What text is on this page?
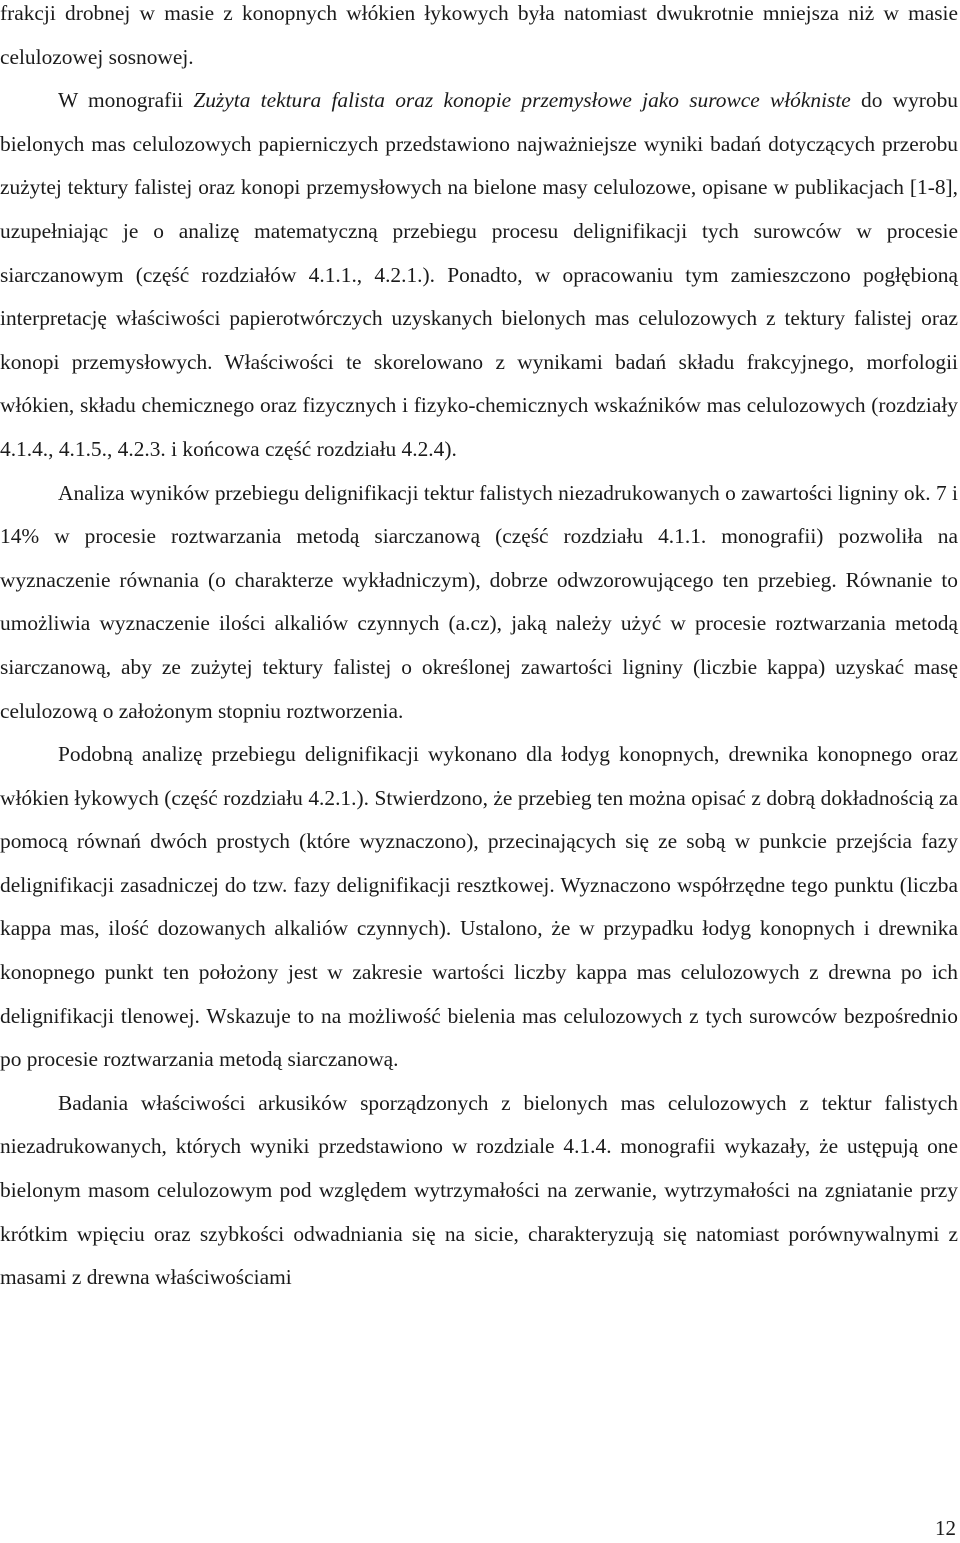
frakcji drobnej w masie z konopnych włókien łykowych była natomiast dwukrotnie mniejsza niż w masie celulozowej sosnowej.

W monografii Zużyta tektura falista oraz konopie przemysłowe jako surowce włókniste do wyrobu bielonych mas celulozowych papierniczych przedstawiono najważniejsze wyniki badań dotyczących przerobu zużytej tektury falistej oraz konopi przemysłowych na bielone masy celulozowe, opisane w publikacjach [1-8], uzupełniając je o analizę matematyczną przebiegu procesu delignifikacji tych surowców w procesie siarczanowym (część rozdziałów 4.1.1., 4.2.1.). Ponadto, w opracowaniu tym zamieszczono pogłębioną interpretację właściwości papierotwórczych uzyskanych bielonych mas celulozowych z tektury falistej oraz konopi przemysłowych. Właściwości te skorelowano z wynikami badań składu frakcyjnego, morfologii włókien, składu chemicznego oraz fizycznych i fizyko-chemicznych wskaźników mas celulozowych (rozdziały 4.1.4., 4.1.5., 4.2.3. i końcowa część rozdziału 4.2.4).

Analiza wyników przebiegu delignifikacji tektur falistych niezadrukowanych o zawartości ligniny ok. 7 i 14% w procesie roztwarzania metodą siarczanową (część rozdziału 4.1.1. monografii) pozwoliła na wyznaczenie równania (o charakterze wykładniczym), dobrze odwzorowującego ten przebieg. Równanie to umożliwia wyznaczenie ilości alkaliów czynnych (a.cz), jaką należy użyć w procesie roztwarzania metodą siarczanową, aby ze zużytej tektury falistej o określonej zawartości ligniny (liczbie kappa) uzyskać masę celulozową o założonym stopniu roztworzenia.

Podobną analizę przebiegu delignifikacji wykonano dla łodyg konopnych, drewnika konopnego oraz włókien łykowych (część rozdziału 4.2.1.). Stwierdzono, że przebieg ten można opisać z dobrą dokładnością za pomocą równań dwóch prostych (które wyznaczono), przecinających się ze sobą w punkcie przejścia fazy delignifikacji zasadniczej do tzw. fazy delignifikacji resztkowej. Wyznaczono współrzędne tego punktu (liczba kappa mas, ilość dozowanych alkaliów czynnych). Ustalono, że w przypadku łodyg konopnych i drewnika konopnego punkt ten położony jest w zakresie wartości liczby kappa mas celulozowych z drewna po ich delignifikacji tlenowej. Wskazuje to na możliwość bielenia mas celulozowych z tych surowców bezpośrednio po procesie roztwarzania metodą siarczanową.

Badania właściwości arkusików sporządzonych z bielonych mas celulozowych z tektur falistych niezadrukowanych, których wyniki przedstawiono w rozdziale 4.1.4. monografii wykazały, że ustępują one bielonym masom celulozowym pod względem wytrzymałości na zerwanie, wytrzymałości na zgniatanie przy krótkim wpięciu oraz szybkości odwadniania się na sicie, charakteryzują się natomiast porównywalnymi z masami z drewna właściwościami

12
